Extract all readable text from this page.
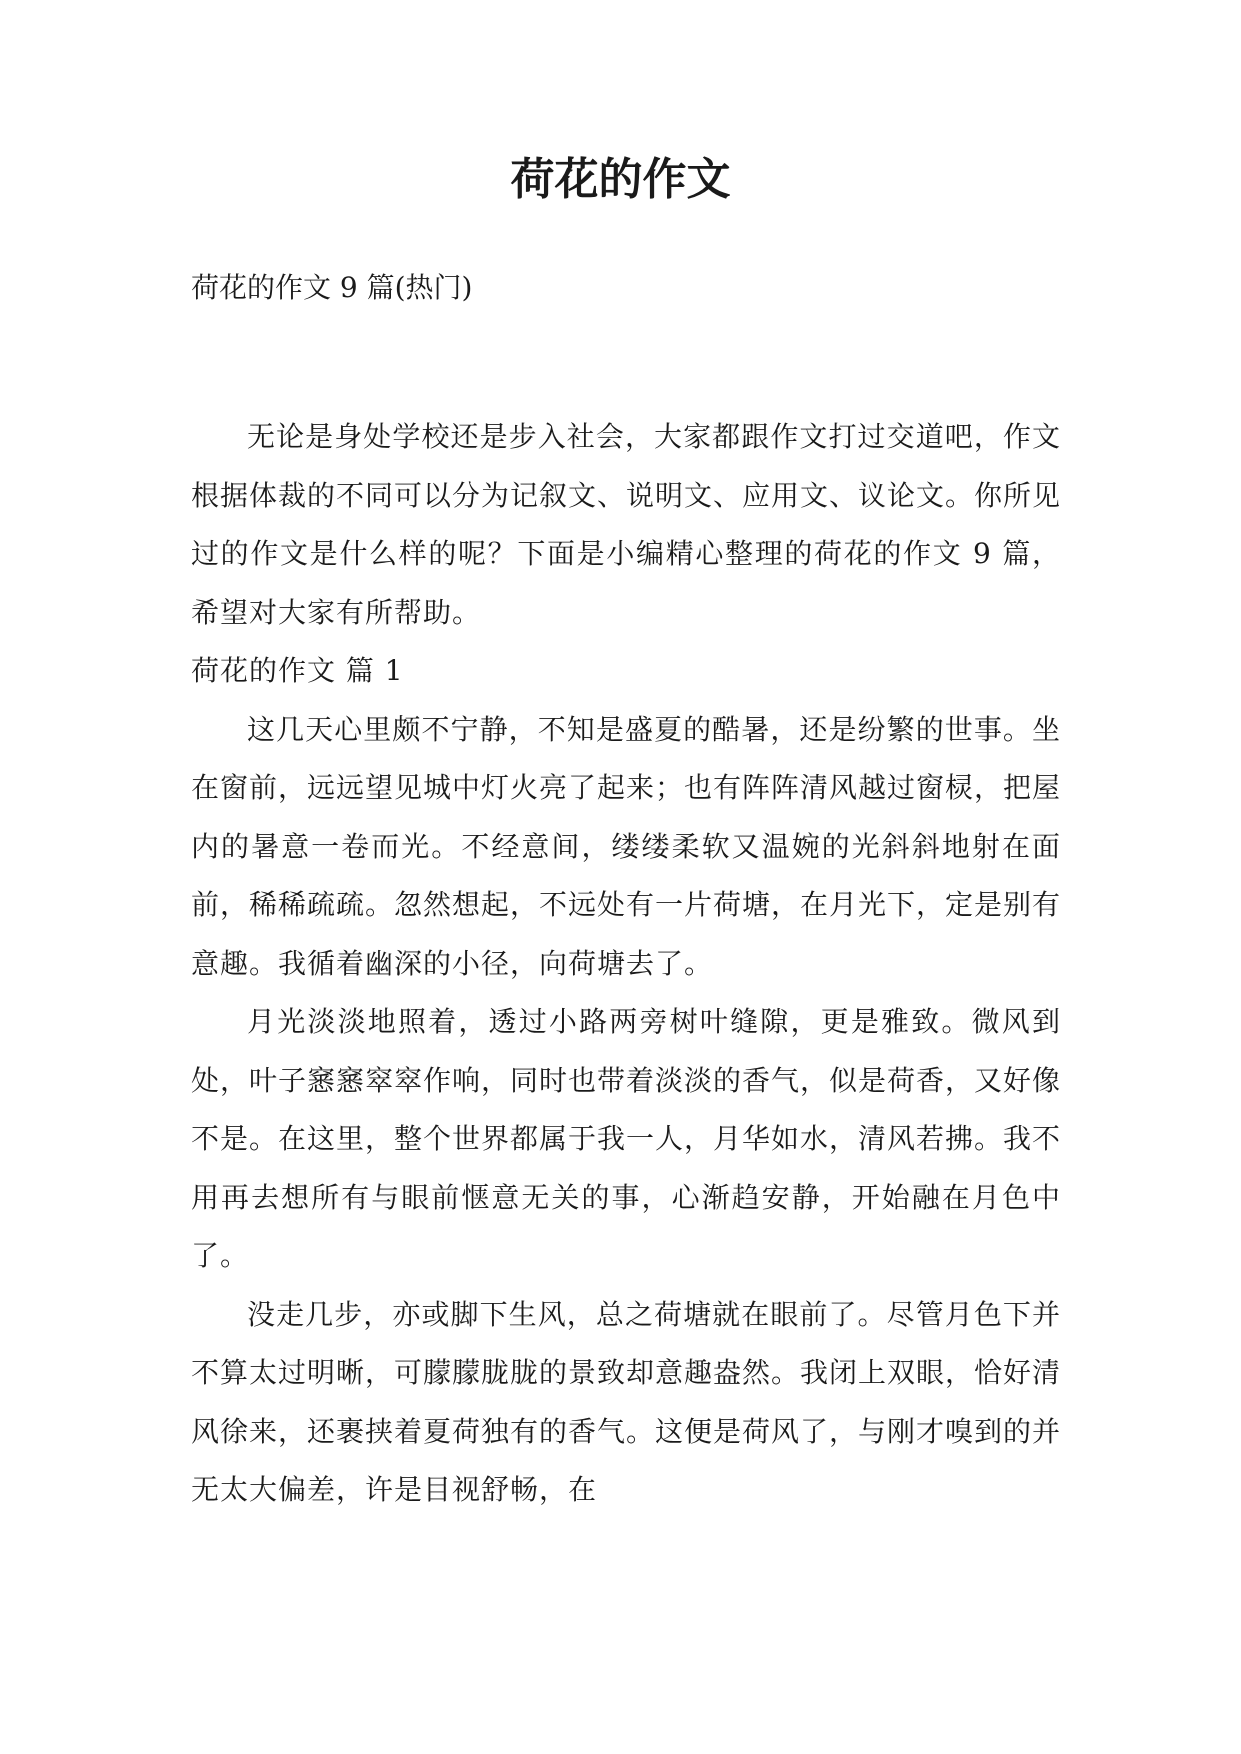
荷花的作文

荷花的作文 9 篇(热门)

无论是身处学校还是步入社会，大家都跟作文打过交道吧，作文根据体裁的不同可以分为记叙文、说明文、应用文、议论文。你所见过的作文是什么样的呢？下面是小编精心整理的荷花的作文 9 篇，希望对大家有所帮助。

荷花的作文 篇 1

这几天心里颇不宁静，不知是盛夏的酷暑，还是纷繁的世事。坐在窗前，远远望见城中灯火亮了起来；也有阵阵清风越过窗棂，把屋内的暑意一卷而光。不经意间，缕缕柔软又温婉的光斜斜地射在面前，稀稀疏疏。忽然想起，不远处有一片荷塘，在月光下，定是别有意趣。我循着幽深的小径，向荷塘去了。

月光淡淡地照着，透过小路两旁树叶缝隙，更是雅致。微风到处，叶子窸窸窣窣作响，同时也带着淡淡的香气，似是荷香，又好像不是。在这里，整个世界都属于我一人，月华如水，清风若拂。我不用再去想所有与眼前惬意无关的事，心渐趋安静，开始融在月色中了。

没走几步，亦或脚下生风，总之荷塘就在眼前了。尽管月色下并不算太过明晰，可朦朦胧胧的景致却意趣盎然。我闭上双眼，恰好清风徐来，还裹挟着夏荷独有的香气。这便是荷风了，与刚才嗅到的并无太大偏差，许是目视舒畅，在
